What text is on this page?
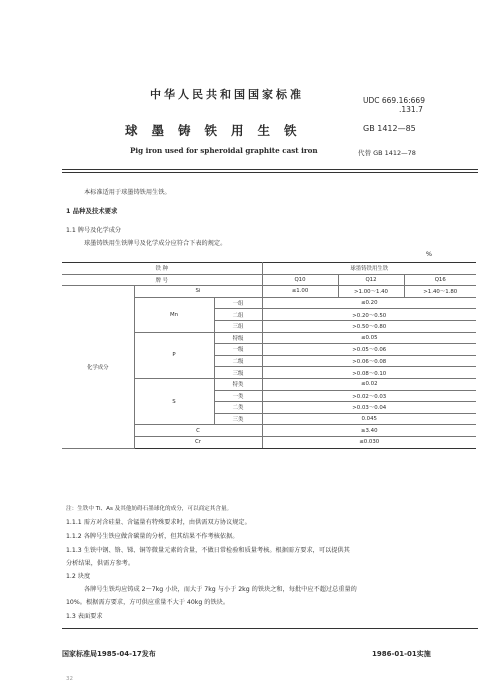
中华人民共和国国家标准
球墨铸铁用生铁
Pig iron used for spheroidal graphite cast iron
UDC 669.16:669
.131.7
GB 1412—85
代替 GB 1412—78
本标准适用于球墨铸铁用生铁。
1 品种及技术要求
1.1 牌号及化学成分
球墨铸铁用生铁牌号及化学成分应符合下表的规定。
%
铁 种			球墨铸铁用生铁		
牌 号			Q10	Q12	Q16
化学成分	Si		≤1.00	>1.00～1.40	>1.40～1.80
	Mn	一组	≤0.20		
		二组	>0.20～0.50		
		三组	>0.50～0.80		
	P	特级	≤0.05		
		一级	>0.05～0.06		
		二级	>0.06～0.08		
		三级	>0.08～0.10		
	S	特类	≤0.02		
		一类	>0.02～0.03		
		二类	>0.03～0.04		
		三类	0.045		
	C		≥3.40		
	Cr		≤0.030		
注：生铁中 Ti、As 及其他妨碍石墨球化的成分，可以商定其含量。
1.1.1 需方对含硅量、含锰量有特殊要求时，由供需双方协议规定。
1.1.2 各牌号生铁应做含碳量的分析，但其结果不作考核依据。
1.1.3 生铁中钢、铬、锑、铜等微量元素的含量，不做日常检验和质量考核。根据需方要求，可以提供其
分析结果，供需方参考。
1.2 块度
各牌号生铁均应铸成 2～7kg 小块，而大于 7kg 与小于 2kg 的铁块之和，每批中应不超过总重量的
10%。根据需方要求，方可供应重量不大于 40kg 的铁块。
1.3 表面要求
国家标准局1985-04-17发布	1986-01-01实施
32
